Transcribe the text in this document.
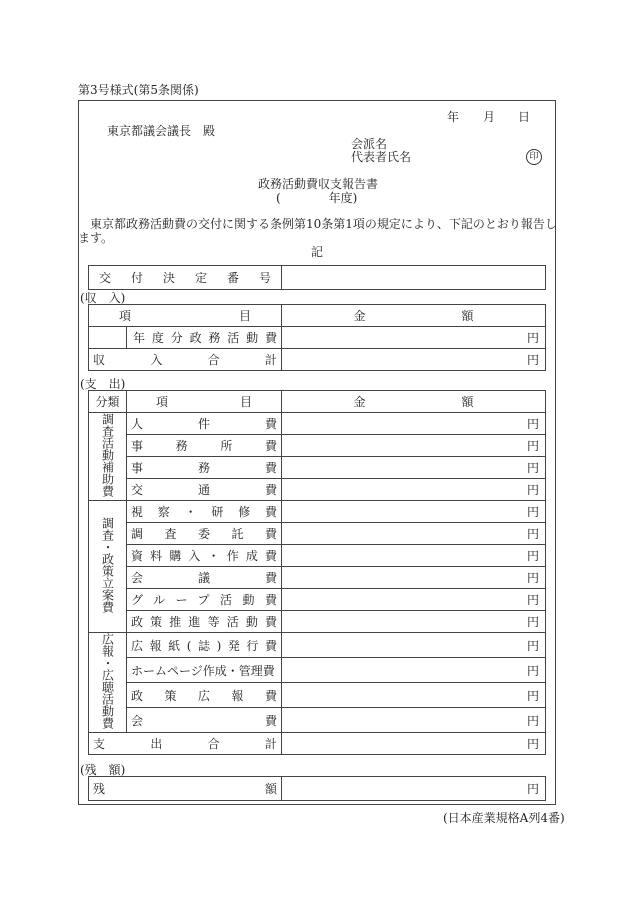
第3号様式(第5条関係)
年 月 日
東京都議会議長　殿
会派名
代表者氏名	印
政務活動費収支報告書
(　　　　年度)
東京都政務活動費の交付に関する条例第10条第1項の規定により、下記のとおり報告し
ます。
記
交付決定番号

(収　入)
項　　　　　　　　　目		金　　　　　　　　額

	年度分政務活動費	円

収入合計		円
(支　出)
分類	項　　　　　　目	金　　　　　　　　額
調査活動補助費	人件費	円

	事務所費	円

	事務費	円

	交通費	円
調査・政策立案費	視察・研修費	円

	調査委託費	円

	資料購入・作成費	円

	会議費	円

	グループ活動費	円

	政策推進等活動費	円
広報・広聴活動費	広報紙(誌)発行費	円
	ホームページ作成・管理費	円

	政策広報費	円

	会費	円

支出合計		円
(残　額)
残額	円
(日本産業規格A列4番)
